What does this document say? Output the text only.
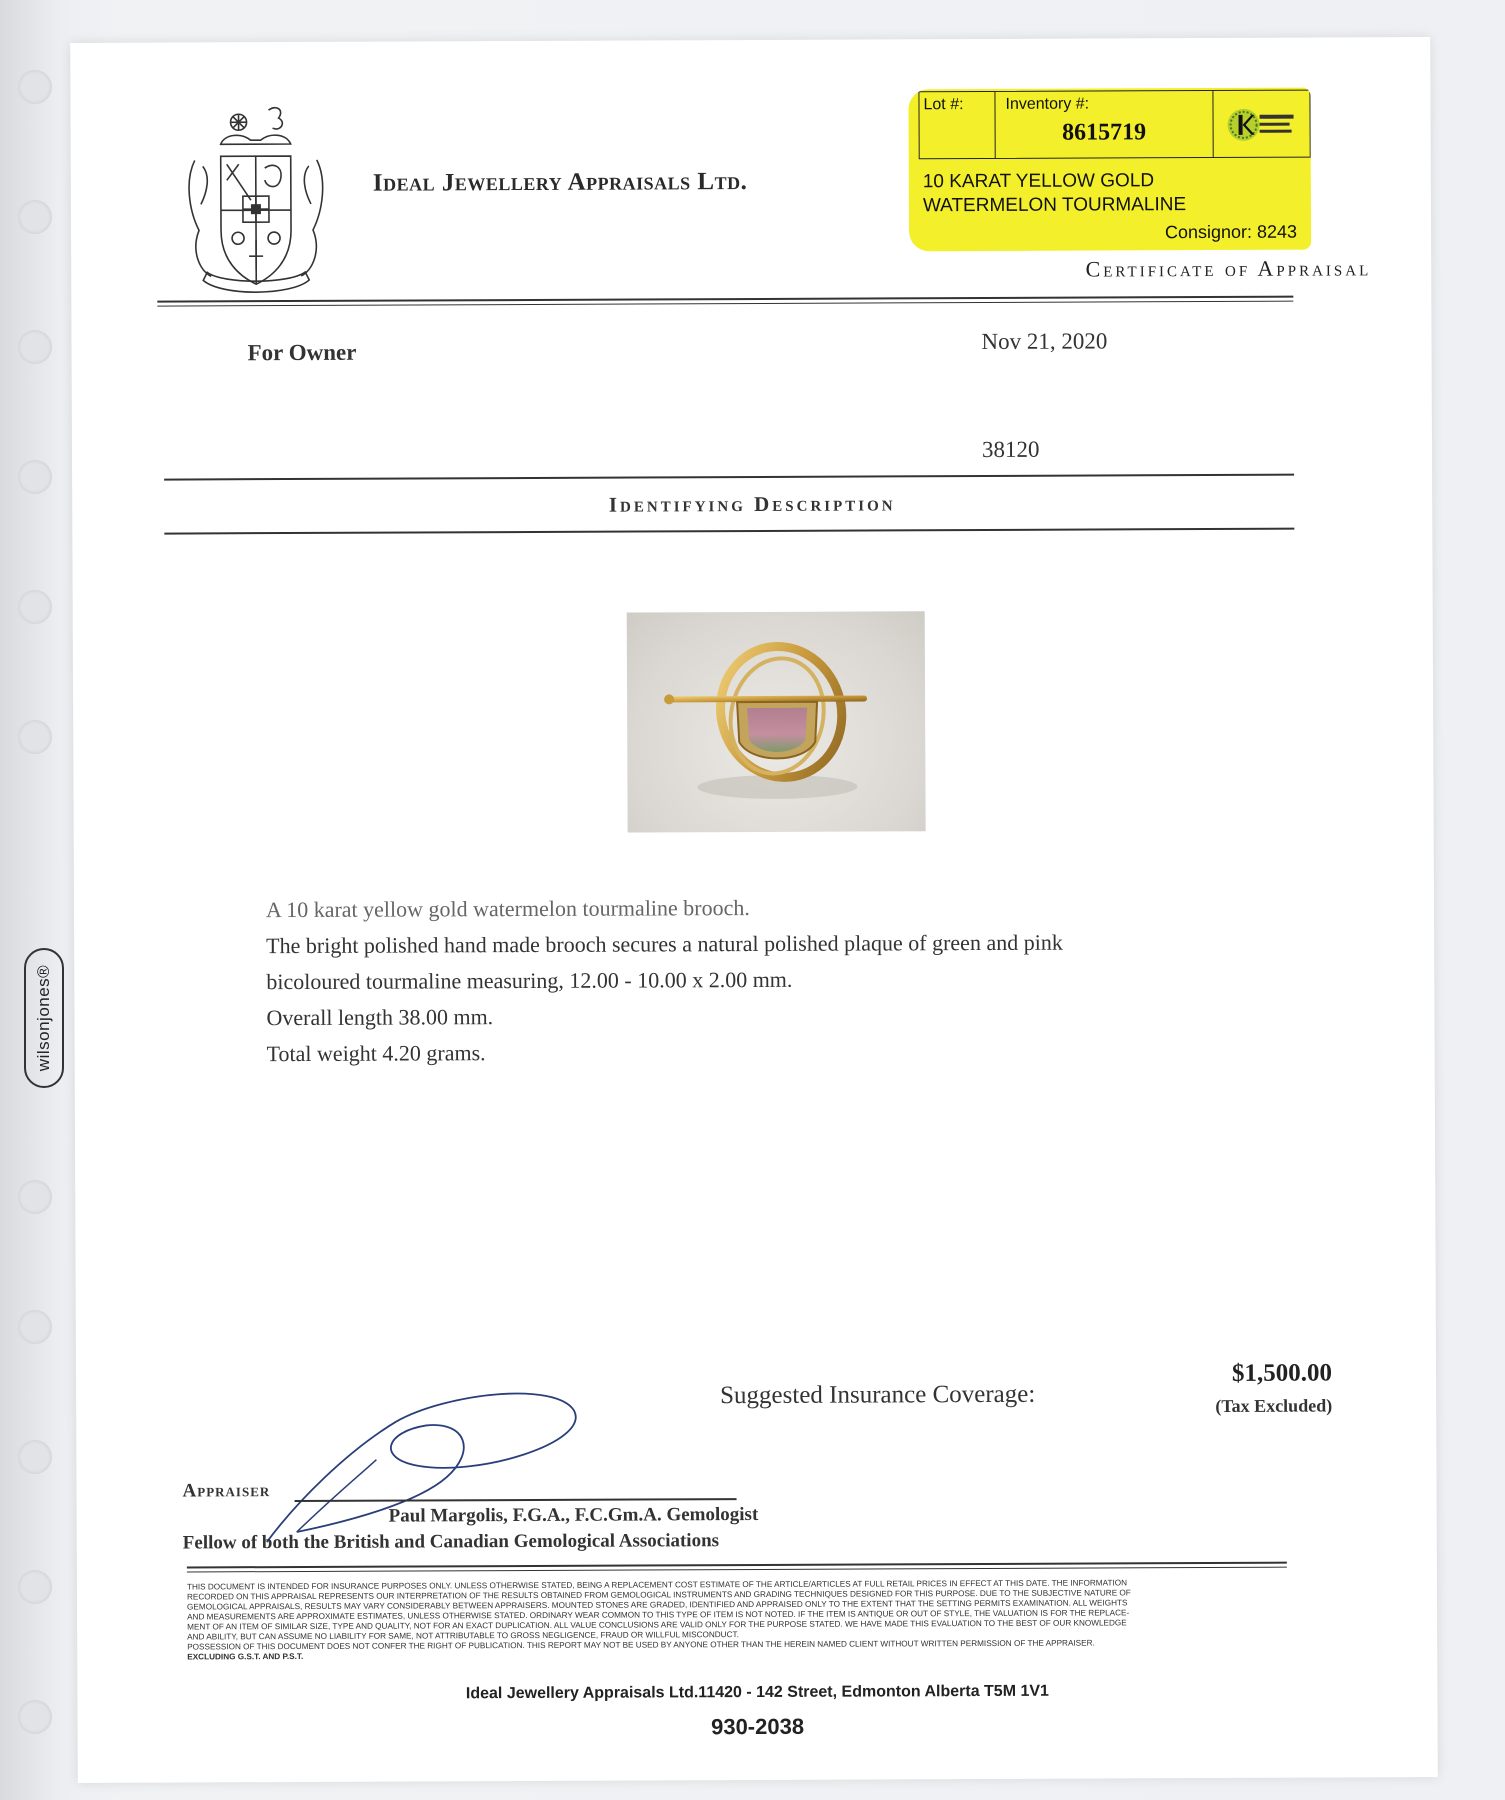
wilsonjones®
Ideal Jewellery Appraisals Ltd.
Lot #:	Inventory #:
8615719
10 KARAT YELLOW GOLD
WATERMELON TOURMALINE
Consignor: 8243
Certificate of Appraisal
For Owner	Nov 21, 2020
38120
Identifying Description
A 10 karat yellow gold watermelon tourmaline brooch.
The bright polished hand made brooch secures a natural polished plaque of green and pink
bicoloured tourmaline measuring, 12.00 - 10.00 x 2.00 mm.
Overall length 38.00 mm.
Total weight 4.20 grams.
Suggested Insurance Coverage:
$1,500.00
(Tax Excluded)
Appraiser
Paul Margolis, F.G.A., F.C.Gm.A. Gemologist
Fellow of both the British and Canadian Gemological Associations
THIS DOCUMENT IS INTENDED FOR INSURANCE PURPOSES ONLY. UNLESS OTHERWISE STATED, BEING A REPLACEMENT COST ESTIMATE OF THE ARTICLE/ARTICLES AT FULL RETAIL PRICES IN EFFECT AT THIS DATE. THE INFORMATION
RECORDED ON THIS APPRAISAL REPRESENTS OUR INTERPRETATION OF THE RESULTS OBTAINED FROM GEMOLOGICAL INSTRUMENTS AND GRADING TECHNIQUES DESIGNED FOR THIS PURPOSE. DUE TO THE SUBJECTIVE NATURE OF
GEMOLOGICAL APPRAISALS, RESULTS MAY VARY CONSIDERABLY BETWEEN APPRAISERS. MOUNTED STONES ARE GRADED, IDENTIFIED AND APPRAISED ONLY TO THE EXTENT THAT THE SETTING PERMITS EXAMINATION. ALL WEIGHTS
AND MEASUREMENTS ARE APPROXIMATE ESTIMATES, UNLESS OTHERWISE STATED. ORDINARY WEAR COMMON TO THIS TYPE OF ITEM IS NOT NOTED. IF THE ITEM IS ANTIQUE OR OUT OF STYLE, THE VALUATION IS FOR THE REPLACE-
MENT OF AN ITEM OF SIMILAR SIZE, TYPE AND QUALITY, NOT FOR AN EXACT DUPLICATION. ALL VALUE CONCLUSIONS ARE VALID ONLY FOR THE PURPOSE STATED. WE HAVE MADE THIS EVALUATION TO THE BEST OF OUR KNOWLEDGE
AND ABILITY, BUT CAN ASSUME NO LIABILITY FOR SAME, NOT ATTRIBUTABLE TO GROSS NEGLIGENCE, FRAUD OR WILLFUL MISCONDUCT.
POSSESSION OF THIS DOCUMENT DOES NOT CONFER THE RIGHT OF PUBLICATION. THIS REPORT MAY NOT BE USED BY ANYONE OTHER THAN THE HEREIN NAMED CLIENT WITHOUT WRITTEN PERMISSION OF THE APPRAISER.
EXCLUDING G.S.T. AND P.S.T.
Ideal Jewellery Appraisals Ltd.11420 - 142 Street, Edmonton Alberta T5M 1V1
930-2038
